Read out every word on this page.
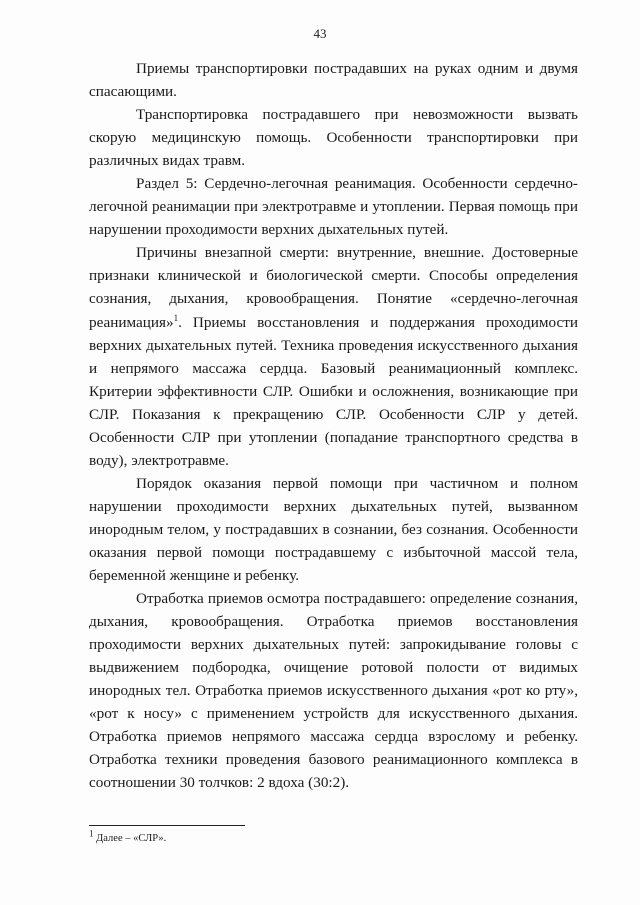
43

Приемы транспортировки пострадавших на руках одним и двумя спасающими.

Транспортировка пострадавшего при невозможности вызвать скорую медицинскую помощь. Особенности транспортировки при различных видах травм.

Раздел 5: Сердечно-легочная реанимация. Особенности сердечно-легочной реанимации при электротравме и утоплении. Первая помощь при нарушении проходимости верхних дыхательных путей.

Причины внезапной смерти: внутренние, внешние. Достоверные признаки клинической и биологической смерти. Способы определения сознания, дыхания, кровообращения. Понятие «сердечно-легочная реанимация»$^1$. Приемы восстановления и поддержания проходимости верхних дыхательных путей. Техника проведения искусственного дыхания и непрямого массажа сердца. Базовый реанимационный комплекс. Критерии эффективности СЛР. Ошибки и осложнения, возникающие при СЛР. Показания к прекращению СЛР. Особенности СЛР у детей. Особенности СЛР при утоплении (попадание транспортного средства в воду), электротравме.

Порядок оказания первой помощи при частичном и полном нарушении проходимости верхних дыхательных путей, вызванном инородным телом, у пострадавших в сознании, без сознания. Особенности оказания первой помощи пострадавшему с избыточной массой тела, беременной женщине и ребенку.

Отработка приемов осмотра пострадавшего: определение сознания, дыхания, кровообращения. Отработка приемов восстановления проходимости верхних дыхательных путей: запрокидывание головы с выдвижением подбородка, очищение ротовой полости от видимых инородных тел. Отработка приемов искусственного дыхания «рот ко рту», «рот к носу» с применением устройств для искусственного дыхания. Отработка приемов непрямого массажа сердца взрослому и ребенку. Отработка техники проведения базового реанимационного комплекса в соотношении 30 толчков: 2 вдоха (30:2).

$^1$ Далее – «СЛР».
